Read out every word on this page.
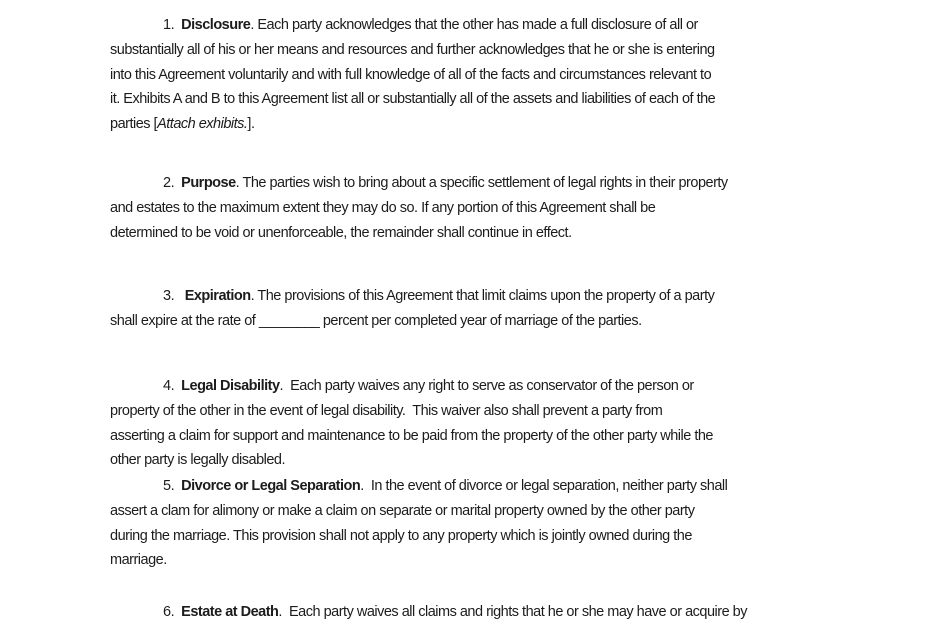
1.  Disclosure. Each party acknowledges that the other has made a full disclosure of all or
substantially all of his or her means and resources and further acknowledges that he or she is entering
into this Agreement voluntarily and with full knowledge of all of the facts and circumstances relevant to
it. Exhibits A and B to this Agreement list all or substantially all of the assets and liabilities of each of the
parties [Attach exhibits.].

2.  Purpose. The parties wish to bring about a specific settlement of legal rights in their property
and estates to the maximum extent they may do so. If any portion of this Agreement shall be
determined to be void or unenforceable, the remainder shall continue in effect.

3.   Expiration. The provisions of this Agreement that limit claims upon the property of a party
shall expire at the rate of ________ percent per completed year of marriage of the parties.

4.  Legal Disability.  Each party waives any right to serve as conservator of the person or
property of the other in the event of legal disability.  This waiver also shall prevent a party from
asserting a claim for support and maintenance to be paid from the property of the other party while the
other party is legally disabled.

5.  Divorce or Legal Separation.  In the event of divorce or legal separation, neither party shall
assert a clam for alimony or make a claim on separate or marital property owned by the other party
during the marriage. This provision shall not apply to any property which is jointly owned during the
marriage.

6.  Estate at Death.  Each party waives all claims and rights that he or she may have or acquire by
